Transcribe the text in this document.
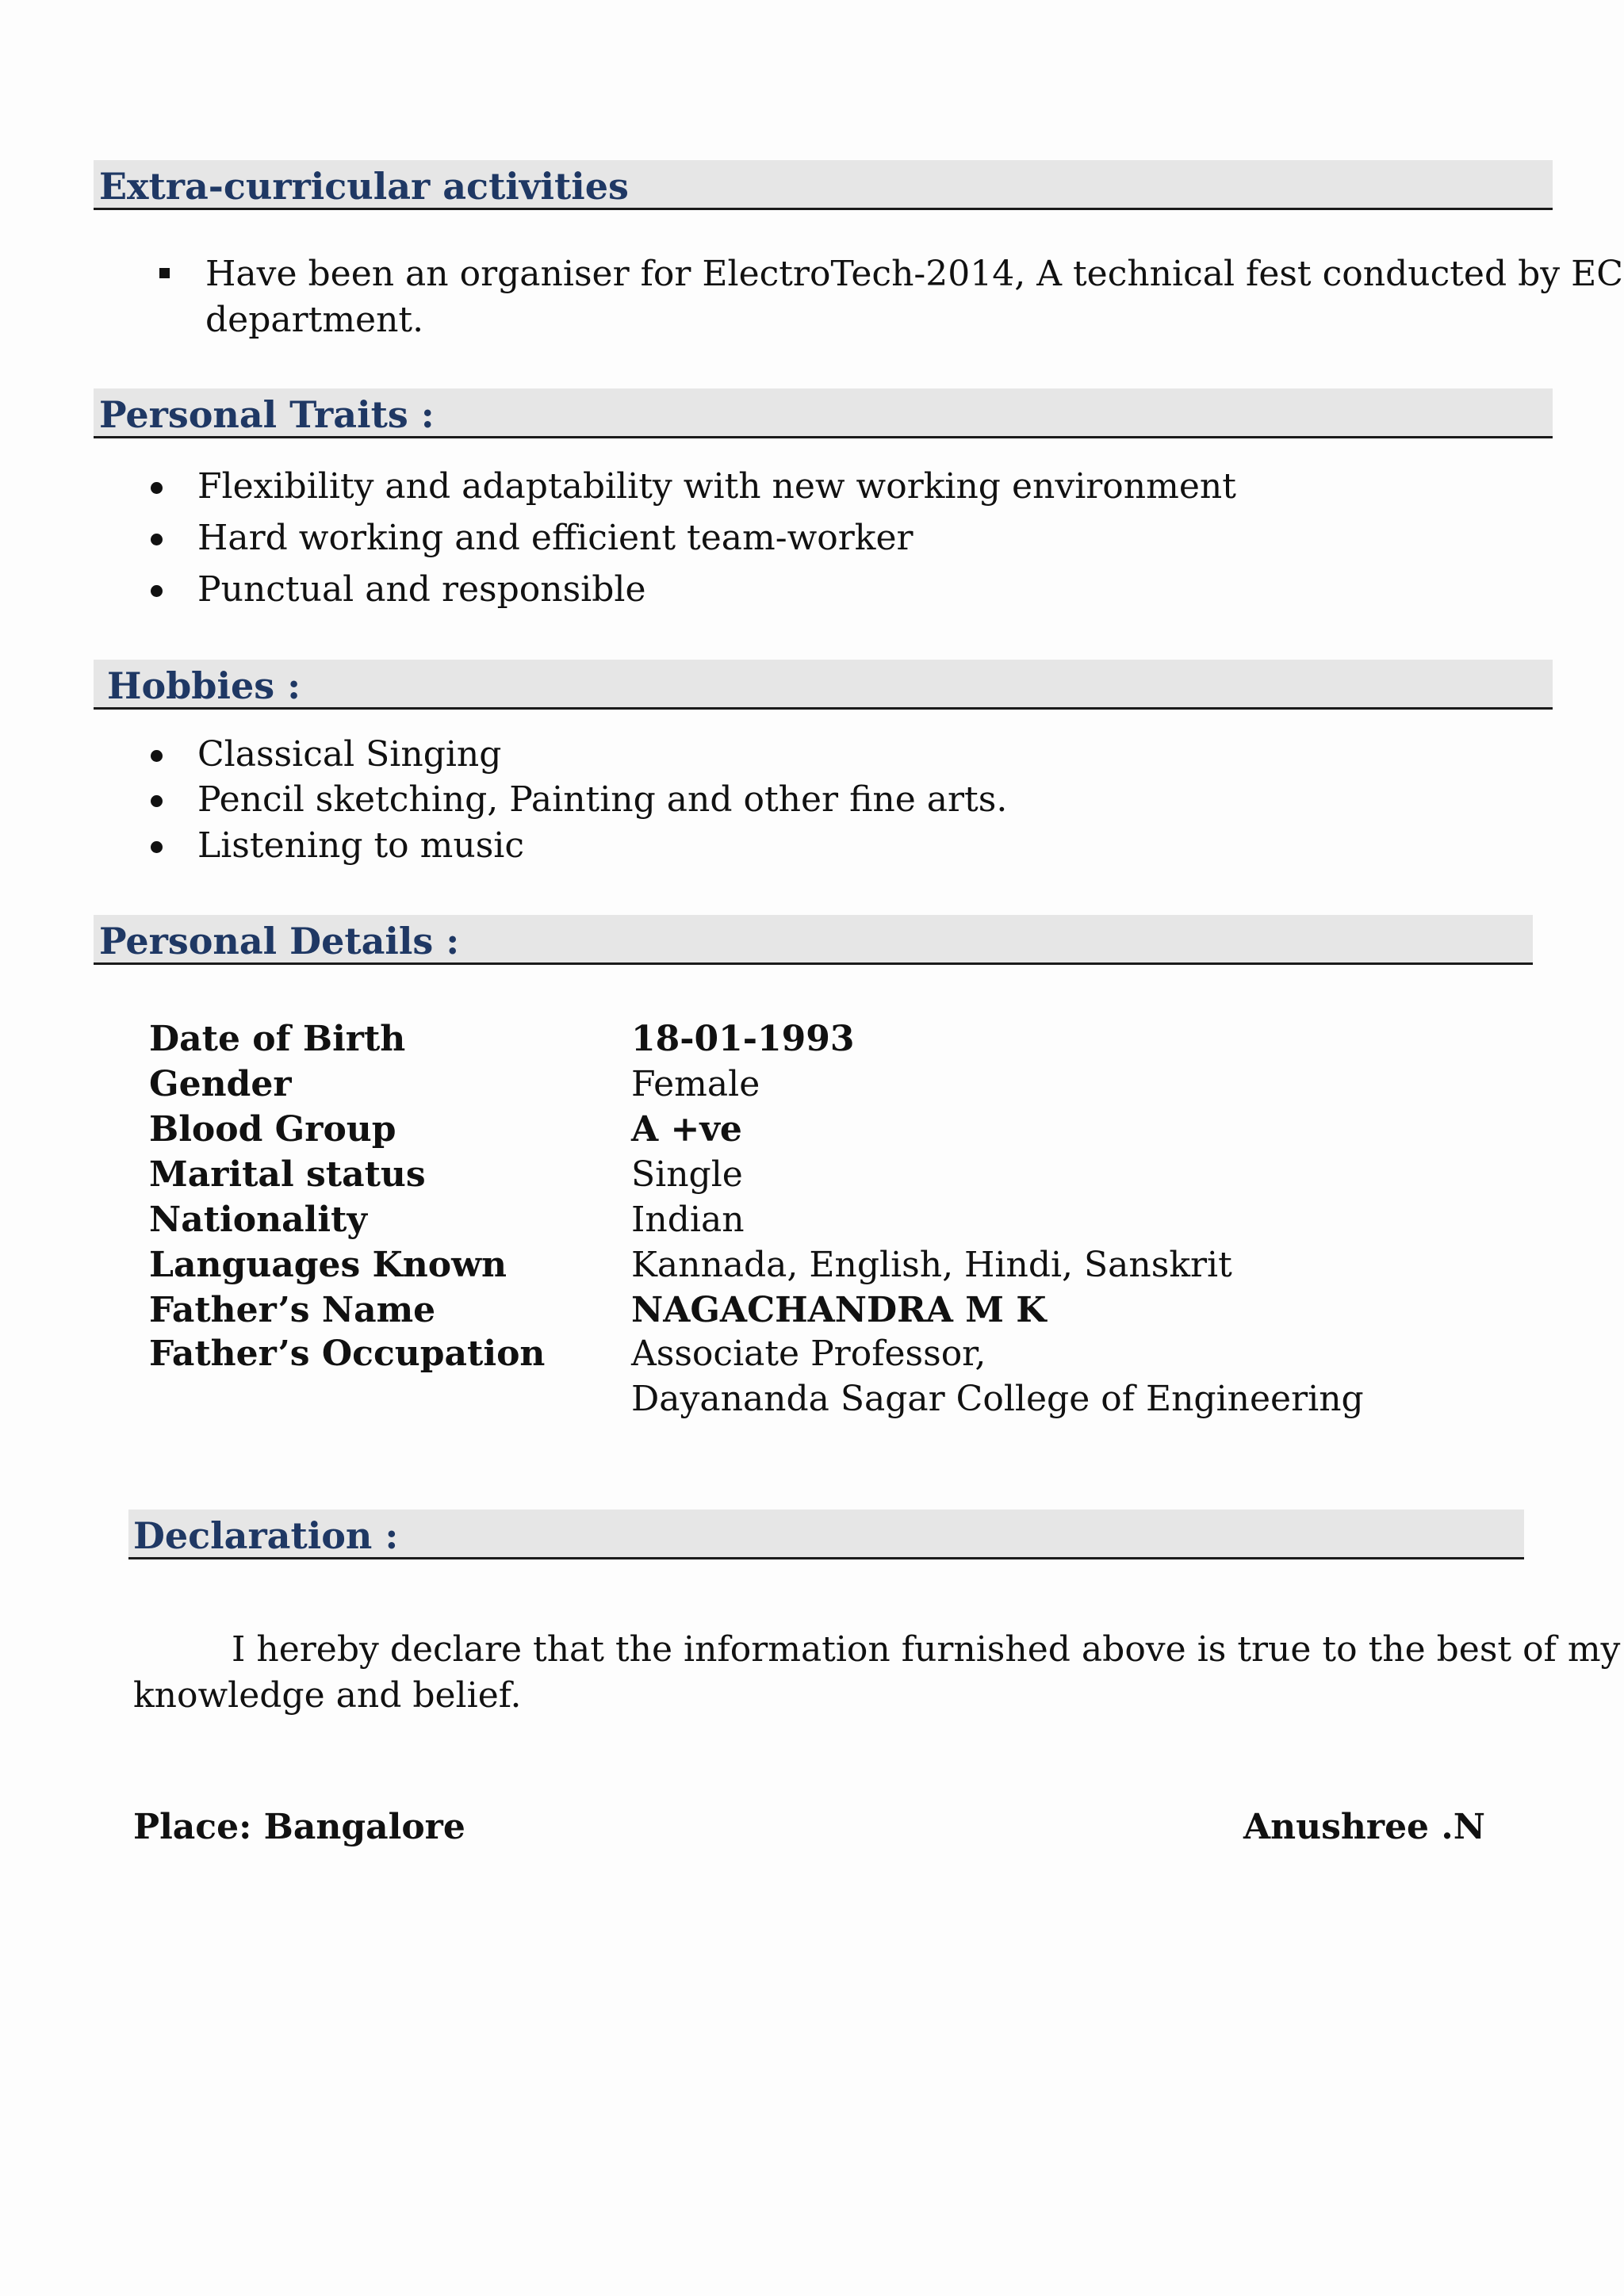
Extra-curricular activities
Have been an organiser for ElectroTech-2014, A technical fest conducted by EC
department.
Personal Traits :
Flexibility and adaptability with new working environment
Hard working and efficient team-worker
Punctual and responsible
Hobbies :
Classical Singing
Pencil sketching, Painting and other fine arts.
Listening to music
Personal Details :
Date of Birth	18-01-1993
Gender	Female
Blood Group	A +ve
Marital status	Single
Nationality	Indian
Languages Known	Kannada, English, Hindi, Sanskrit
Father’s Name	NAGACHANDRA M K
Father’s Occupation Associate Professor,
Dayananda Sagar College of Engineering
Declaration :
I hereby declare that the information furnished above is true to the best of my
knowledge and belief.
Place: Bangalore	Anushree .N
